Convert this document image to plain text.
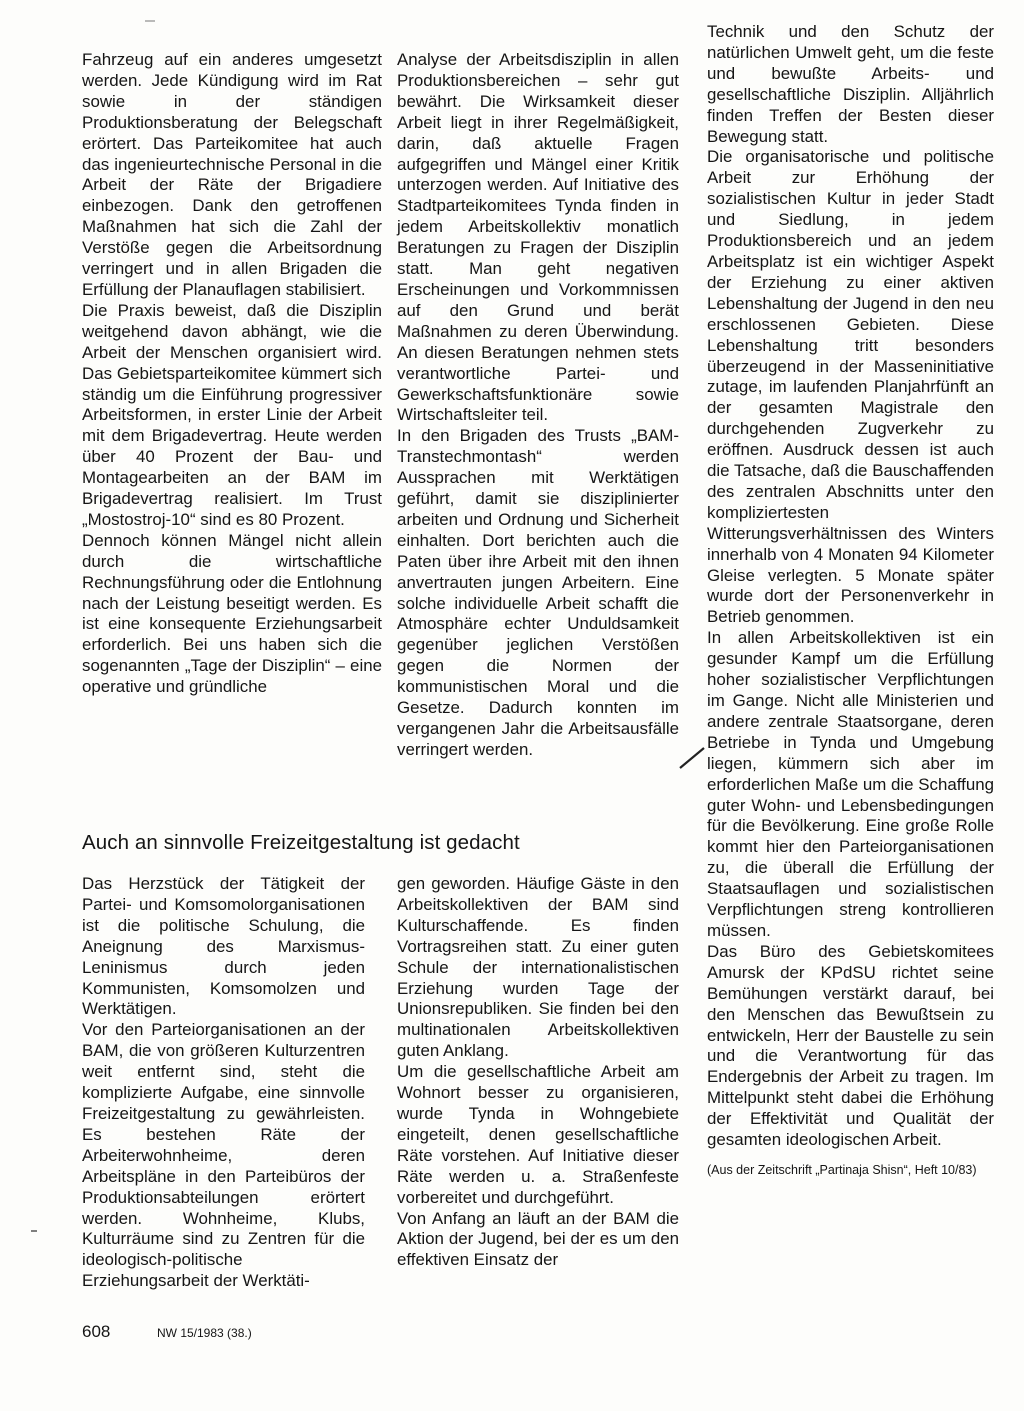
Fahrzeug auf ein anderes umgesetzt werden. Jede Kündigung wird im Rat sowie in der ständigen Produktionsberatung der Belegschaft erörtert. Das Parteikomitee hat auch das ingenieurtechnische Personal in die Arbeit der Räte der Brigadiere einbezogen. Dank den getroffenen Maßnahmen hat sich die Zahl der Verstöße gegen die Arbeitsordnung verringert und in allen Brigaden die Erfüllung der Planauflagen stabilisiert.

Die Praxis beweist, daß die Disziplin weitgehend davon abhängt, wie die Arbeit der Menschen organisiert wird. Das Gebietsparteikomitee kümmert sich ständig um die Einführung progressiver Arbeitsformen, in erster Linie der Arbeit mit dem Brigadevertrag. Heute werden über 40 Prozent der Bau- und Montagearbeiten an der BAM im Brigadevertrag realisiert. Im Trust „Mostostroj-10“ sind es 80 Prozent.

Dennoch können Mängel nicht allein durch die wirtschaftliche Rechnungsführung oder die Entlohnung nach der Leistung beseitigt werden. Es ist eine konsequente Erziehungsarbeit erforderlich. Bei uns haben sich die sogenannten „Tage der Disziplin“ – eine operative und gründliche

Analyse der Arbeitsdisziplin in allen Produktionsbereichen – sehr gut bewährt. Die Wirksamkeit dieser Arbeit liegt in ihrer Regelmäßigkeit, darin, daß aktuelle Fragen aufgegriffen und Mängel einer Kritik unterzogen werden. Auf Initiative des Stadtparteikomitees Tynda finden in jedem Arbeitskollektiv monatlich Beratungen zu Fragen der Disziplin statt. Man geht negativen Erscheinungen und Vorkommnissen auf den Grund und berät Maßnahmen zu deren Überwindung. An diesen Beratungen nehmen stets verantwortliche Partei- und Gewerkschaftsfunktionäre sowie Wirtschaftsleiter teil.

In den Brigaden des Trusts „BAM-Transtechmontash“ werden Aussprachen mit Werktätigen geführt, damit sie disziplinierter arbeiten und Ordnung und Sicherheit einhalten. Dort berichten auch die Paten über ihre Arbeit mit den ihnen anvertrauten jungen Arbeitern. Eine solche individuelle Arbeit schafft die Atmosphäre echter Unduldsamkeit gegenüber jeglichen Verstößen gegen die Normen der kommunistischen Moral und die Gesetze. Dadurch konnten im vergangenen Jahr die Arbeitsausfälle verringert werden.

Technik und den Schutz der natürlichen Umwelt geht, um die feste und bewußte Arbeits- und gesellschaftliche Disziplin. Alljährlich finden Treffen der Besten dieser Bewegung statt.

Die organisatorische und politische Arbeit zur Erhöhung der sozialistischen Kultur in jeder Stadt und Siedlung, in jedem Produktionsbereich und an jedem Arbeitsplatz ist ein wichtiger Aspekt der Erziehung zu einer aktiven Lebenshaltung der Jugend in den neu erschlossenen Gebieten. Diese Lebenshaltung tritt besonders überzeugend in der Masseninitiative zutage, im laufenden Planjahrfünft an der gesamten Magistrale den durchgehenden Zugverkehr zu eröffnen. Ausdruck dessen ist auch die Tatsache, daß die Bauschaffenden des zentralen Abschnitts unter den kompliziertesten Witterungsverhältnissen des Winters innerhalb von 4 Monaten 94 Kilometer Gleise verlegten. 5 Monate später wurde dort der Personenverkehr in Betrieb genommen.

In allen Arbeitskollektiven ist ein gesunder Kampf um die Erfüllung hoher sozialistischer Verpflichtungen im Gange. Nicht alle Ministerien und andere zentrale Staatsorgane, deren Betriebe in Tynda und Umgebung liegen, kümmern sich aber im erforderlichen Maße um die Schaffung guter Wohn- und Lebensbedingungen für die Bevölkerung. Eine große Rolle kommt hier den Parteiorganisationen zu, die überall die Erfüllung der Staatsauflagen und sozialistischen Verpflichtungen streng kontrollieren müssen.

Das Büro des Gebietskomitees Amursk der KPdSU richtet seine Bemühungen verstärkt darauf, bei den Menschen das Bewußtsein zu entwickeln, Herr der Baustelle zu sein und die Verantwortung für das Endergebnis der Arbeit zu tragen. Im Mittelpunkt steht dabei die Erhöhung der Effektivität und Qualität der gesamten ideologischen Arbeit.

(Aus der Zeitschrift „Partinaja Shisn“, Heft 10/83)

Auch an sinnvolle Freizeitgestaltung ist gedacht

Das Herzstück der Tätigkeit der Partei- und Komsomolorganisationen ist die politische Schulung, die Aneignung des Marxismus-Leninismus durch jeden Kommunisten, Komsomolzen und Werktätigen.

Vor den Parteiorganisationen an der BAM, die von größeren Kulturzentren weit entfernt sind, steht die komplizierte Aufgabe, eine sinnvolle Freizeitgestaltung zu gewährleisten. Es bestehen Räte der Arbeiterwohnheime, deren Arbeitspläne in den Parteibüros der Produktionsabteilungen erörtert werden. Wohnheime, Klubs, Kulturräume sind zu Zentren für die ideologisch-politische Erziehungsarbeit der Werktäti-

gen geworden. Häufige Gäste in den Arbeitskollektiven der BAM sind Kulturschaffende. Es finden Vortragsreihen statt. Zu einer guten Schule der internationalistischen Erziehung wurden Tage der Unionsrepubliken. Sie finden bei den multinationalen Arbeitskollektiven guten Anklang.

Um die gesellschaftliche Arbeit am Wohnort besser zu organisieren, wurde Tynda in Wohngebiete eingeteilt, denen gesellschaftliche Räte vorstehen. Auf Initiative dieser Räte werden u. a. Straßenfeste vorbereitet und durchgeführt.

Von Anfang an läuft an der BAM die Aktion der Jugend, bei der es um den effektiven Einsatz der

608	NW 15/1983 (38.)
